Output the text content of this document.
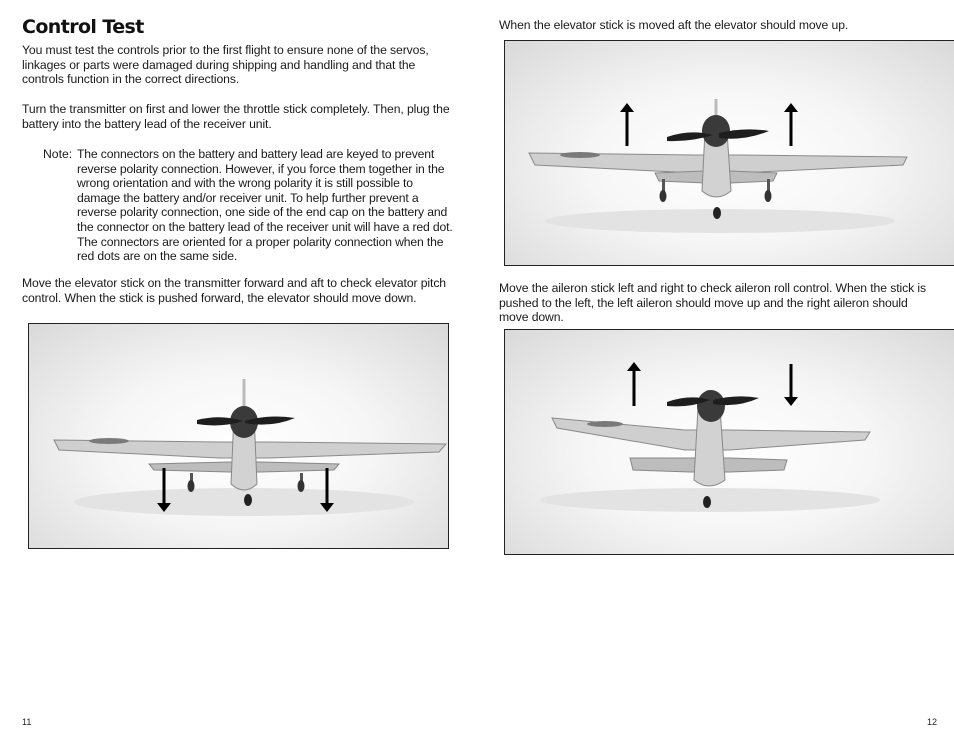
Control Test

You must test the controls prior to the first flight to ensure none of the servos, linkages or parts were damaged during shipping and handling and that the controls function in the correct directions.

Turn the transmitter on first and lower the throttle stick completely. Then, plug the battery into the battery lead of the receiver unit.

Note: The connectors on the battery and battery lead are keyed to prevent reverse polarity connection. However, if you force them together in the wrong orientation and with the wrong polarity it is still possible to damage the battery and/or receiver unit. To help further prevent a reverse polarity connection, one side of the end cap on the battery and the connector on the battery lead of the receiver unit will have a red dot. The connectors are oriented for a proper polarity connection when the red dots are on the same side.

Move the elevator stick on the transmitter forward and aft to check elevator pitch control. When the stick is pushed forward, the elevator should move down.

11

When the elevator stick is moved aft the elevator should move up.

Move the aileron stick left and right to check aileron roll control. When the stick is pushed to the left, the left aileron should move up and the right aileron should move down.

12
